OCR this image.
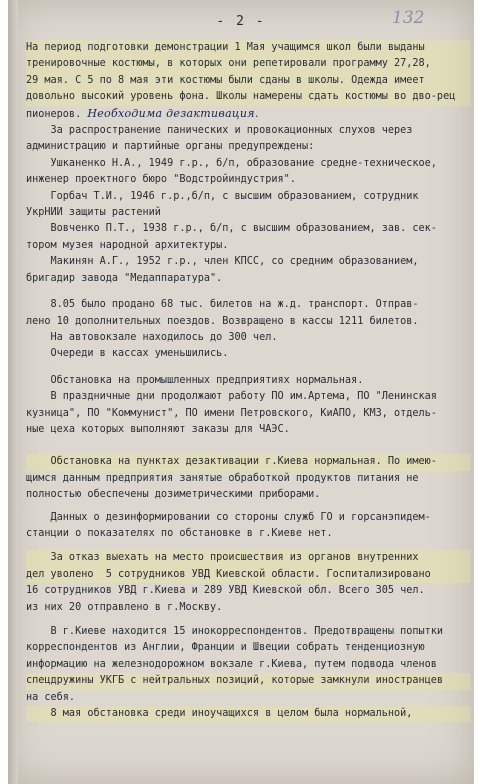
- 2 -	132
На период подготовки демонстрации 1 Мая учащимся школ были выданы
тренировочные костюмы, в которых они репетировали программу 27,28,
29 мая. С 5 по 8 мая эти костюмы были сданы в школы. Одежда имеет
довольно высокий уровень фона. Школы намерены сдать костюмы во дво-рец
пионеров. Необходима дезактивация.
За распространение панических и провокационных слухов через
администрацию и партийные органы предупреждены:
Ушканенко Н.А., 1949 г.р., б/п, образование средне-техническое,
инженер проектного бюро "Водстройиндустрия".
Горбач Т.И., 1946 г.р.,б/п, с высшим образованием, сотрудник
УкрНИИ защиты растений
Вовченко П.Т., 1938 г.р., б/п, с высшим образованием, зав. сек-
тором музея народной архитектуры.
Макинян А.Г., 1952 г.р., член КПСС, со средним образованием,
бригадир завода "Медаппаратура".
8.05 было продано 68 тыс. билетов на ж.д. транспорт. Отправ-
лено 10 дополнительных поездов. Возвращено в кассы 1211 билетов.
На автовокзале находилось до 300 чел.
Очереди в кассах уменьшились.
Обстановка на промышленных предприятиях нормальная.
В праздничные дни продолжают работу ПО им.Артема, ПО "Ленинская
кузница", ПО "Коммунист", ПО имени Петровского, КиАПО, КМЗ, отдель-
ные цеха которых выполняют заказы для ЧАЭС.
Обстановка на пунктах дезактивации г.Киева нормальная. По имею-
щимся данным предприятия занятые обработкой продуктов питания не
полностью обеспечены дозиметрическими приборами.
Данных о дезинформировании со стороны служб ГО и горсанэпидем-
станции о показателях по обстановке в г.Киеве нет.
За отказ выехать на место происшествия из органов внутренних
дел уволено  5 сотрудников УВД Киевской области. Госпитализировано
16 сотрудников УВД г.Киева и 289 УВД Киевской обл. Всего 305 чел.
из них 20 отправлено в г.Москву.
В г.Киеве находится 15 инокорреспондентов. Предотвращены попытки
корреспондентов из Англии, Франции и Швеции собрать тенденциозную
информацию на железнодорожном вокзале г.Киева, путем подвода членов
спецдружины УКГБ с нейтральных позиций, которые замкнули иностранцев
на себя.
8 мая обстановка среди иноучащихся в целом была нормальной,
